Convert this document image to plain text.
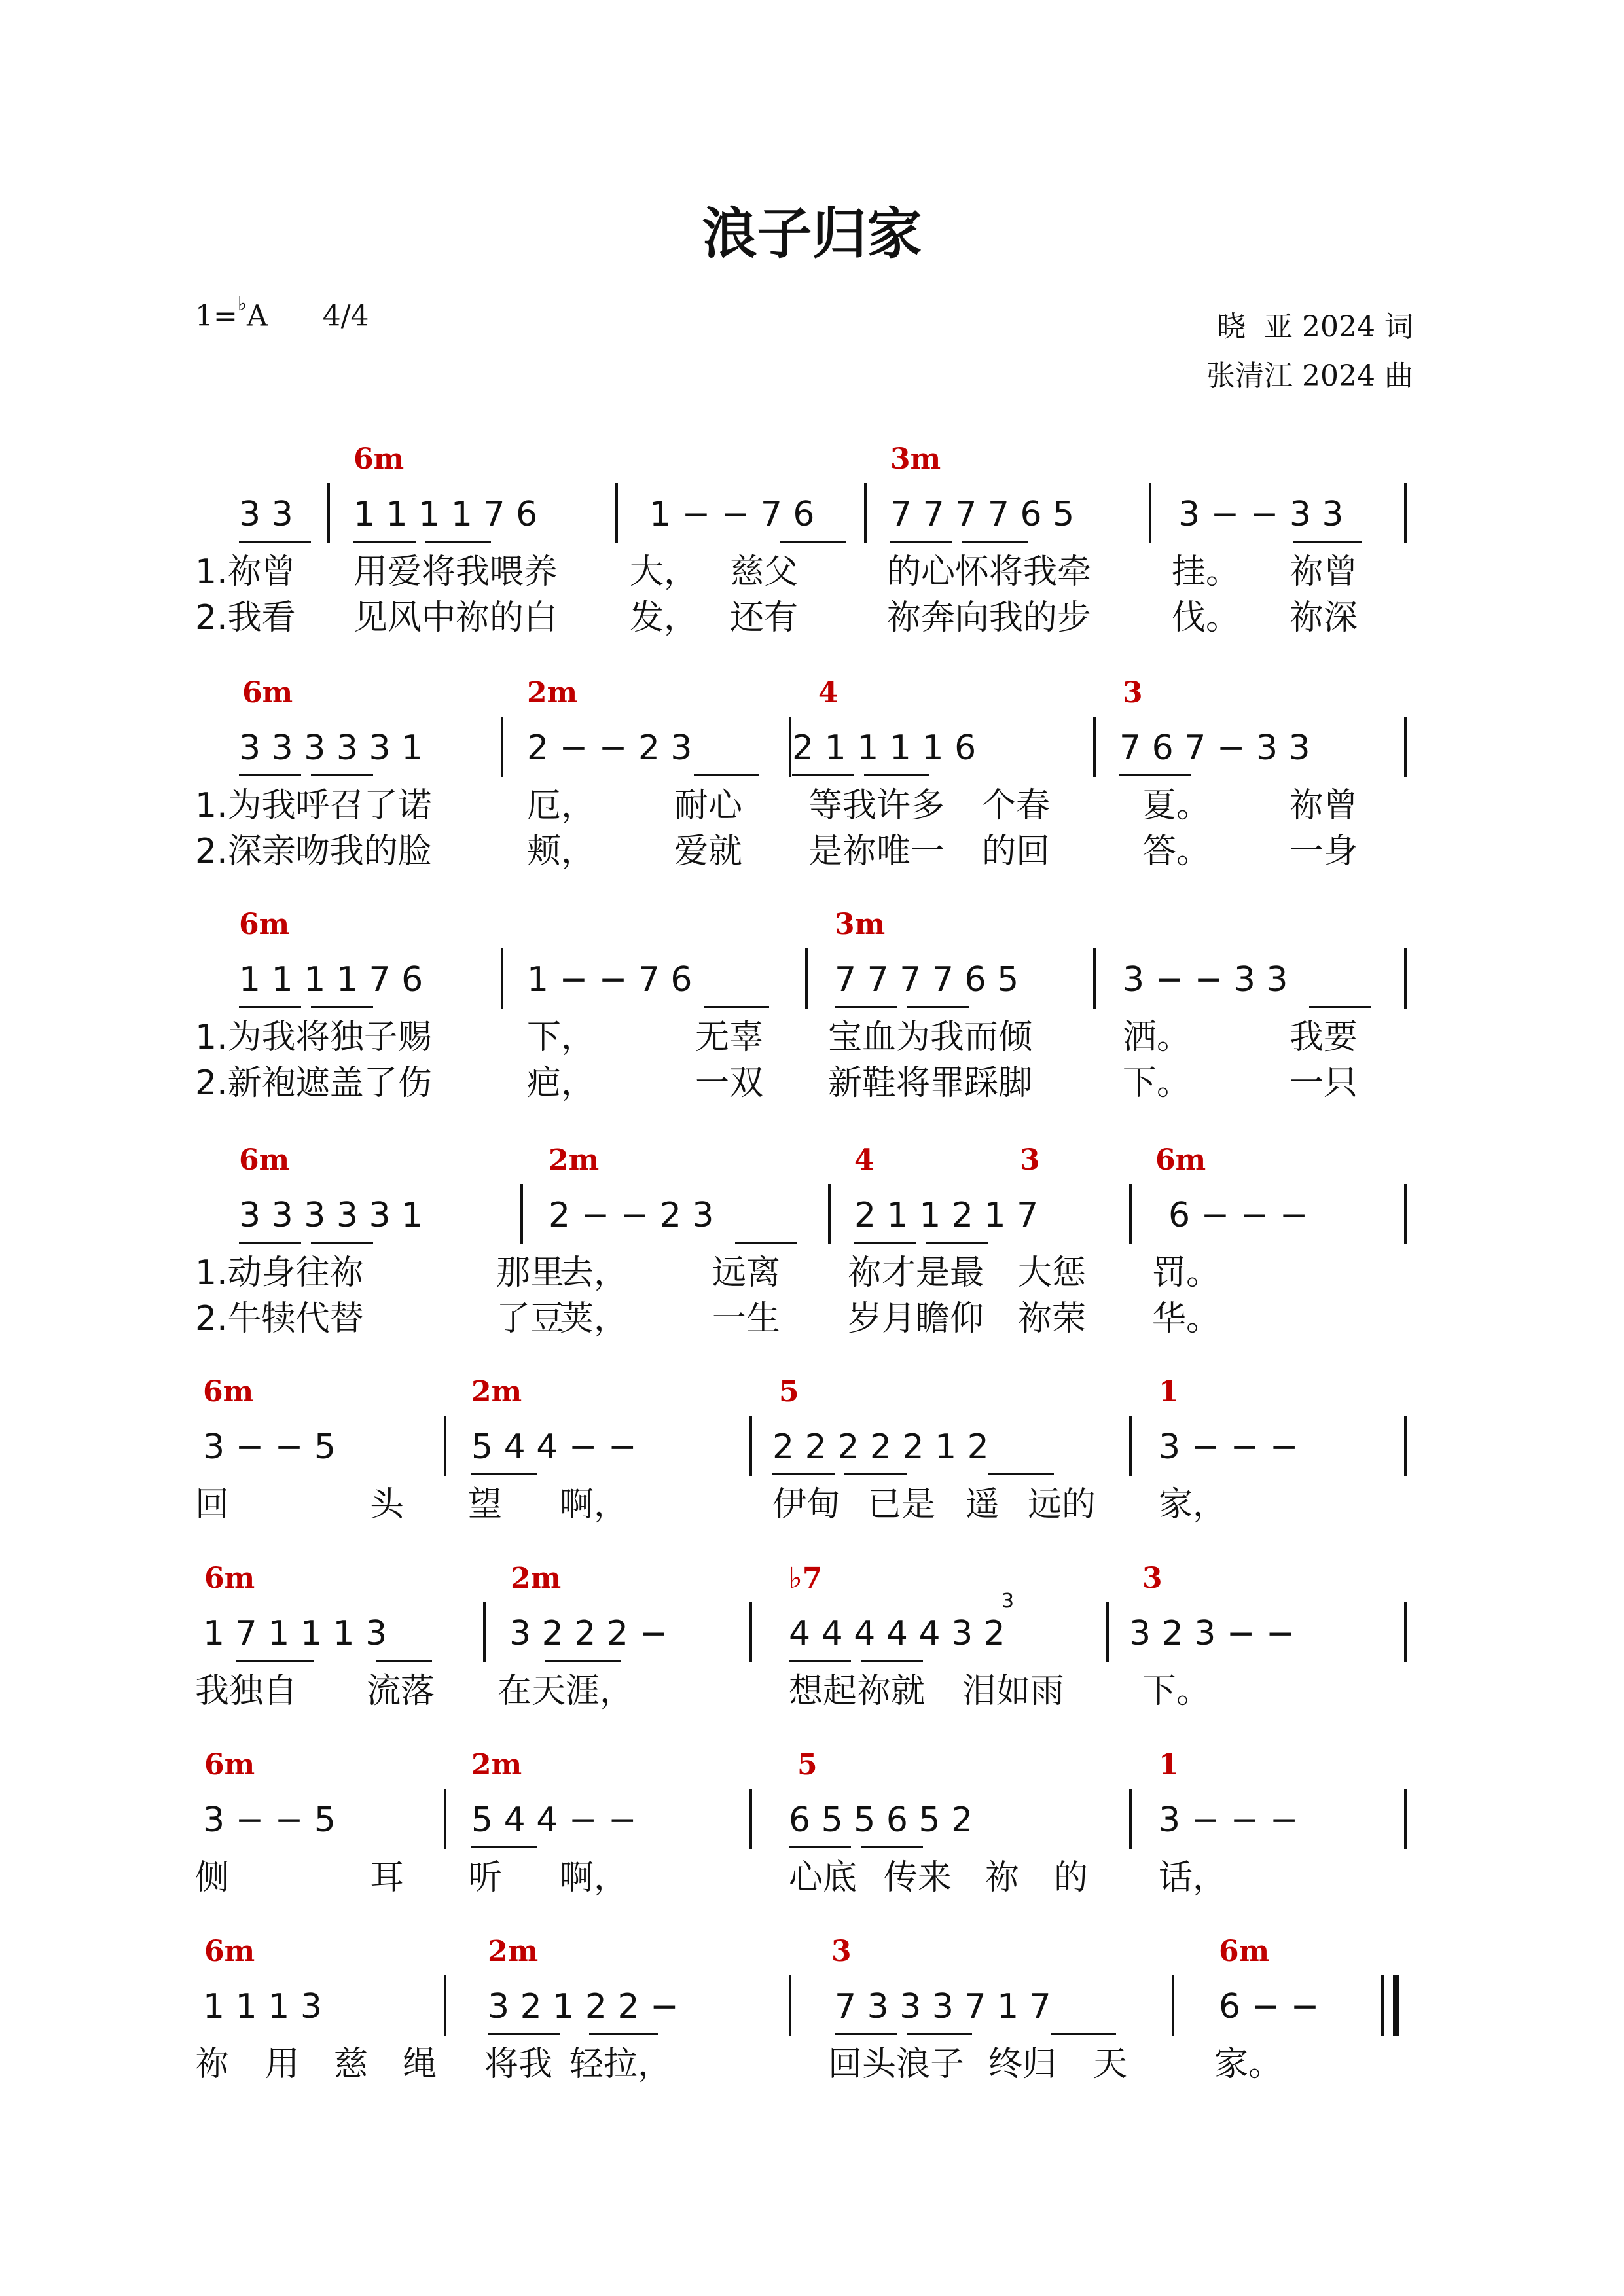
浪子归家
1=♭A 4/4	晓  亚 2024 词
张清江 2024 曲
6m	3m
3 3 1 1 1 1 7 6	1 − − 7 6 7 7 7 7 6 5	3 − − 3 3
1.祢曾 用爱将我喂养 大， 慈父	的心怀将我牵 挂。 祢曾
2.我看 见风中祢的白 发， 还有	祢奔向我的步 伐。 祢深
6m	2m	4	3
3 3 3 3 3 1	2 − − 2 3	2 1 1 1 1 6	7 6 7 − 3 3
1.为我呼召了诺	厄， 耐心 等我许多 个春	夏。 祢曾
2.深亲吻我的脸	颊， 爱就 是祢唯一 的回	答。 一身
6m	3m
1 1 1 1 7 6	1 − − 7 6	7 7 7 7 6 5	3 − − 3 3
1.为我将独子赐	下，	无辜 宝血为我而倾	洒。	我要
2.新袍遮盖了伤	疤，	一双 新鞋将罪踩脚	下。	一只
6m	2m	4	3	6m
3 3 3 3 3 1	2 − − 2 3	2 1 1 2 1 7	6 − − −
1.动身往祢	那里
去， 远离 祢才是最 大惩 罚。
2.牛犊代替	了豆
荚， 一生 岁月瞻仰 祢荣 华。
6m	2m	5	1
3 − − 5	5 4 4 − −	2 2 2 2 2 1 2	3 − − −
回	头 望 啊，	伊甸 已是 遥 远的 家，
6m	2m	♭7	3
1 7 1 1 1 3	3 2 2 2 −	4 4 4 4 4 3 2	3 2 3 − −
我独自 流落 在天涯，	想起祢就 泪如雨 下。
3
6m	2m	5	1
3 − − 5	5 4 4 − −	6 5 5 6 5 2	3 − − −
侧	耳 听 啊，	心底 传来 祢 的 话，
6m	2m	3	6m
1 1 1 3	3 2 1 2 2 −	7 3 3 3 7 1 7	6 − −
祢 用 慈 绳 将我 轻拉，	回头浪子 终归 天	家。
